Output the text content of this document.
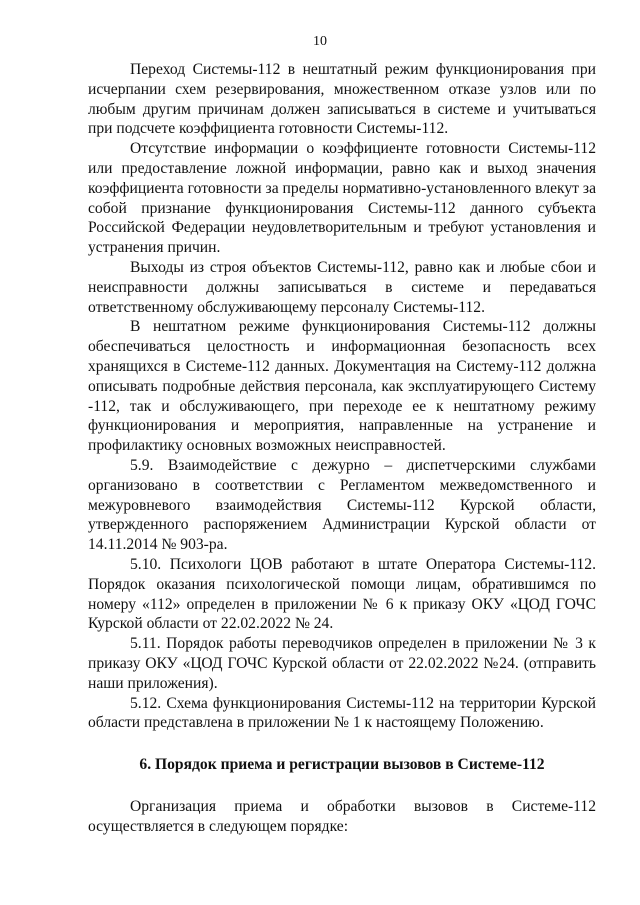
10

Переход Системы-112 в нештатный режим функционирования при исчерпании схем резервирования, множественном отказе узлов или по любым другим причинам должен записываться в системе и учитываться при подсчете коэффициента готовности Системы-112.

Отсутствие информации о коэффициенте готовности Системы-112 или предоставление ложной информации, равно как и выход значения коэффициента готовности за пределы нормативно-установленного влекут за собой признание функционирования Системы-112 данного субъекта Российской Федерации неудовлетворительным и требуют установления и устранения причин.

Выходы из строя объектов Системы-112, равно как и любые сбои и неисправности должны записываться в системе и передаваться ответственному обслуживающему персоналу Системы-112.

В нештатном режиме функционирования Системы-112 должны обеспечиваться целостность и информационная безопасность всех хранящихся в Системе-112 данных. Документация на Систему-112 должна описывать подробные действия персонала, как эксплуатирующего Систему -112, так и обслуживающего, при переходе ее к нештатному режиму функционирования и мероприятия, направленные на устранение и профилактику основных возможных неисправностей.

5.9. Взаимодействие с дежурно – диспетчерскими службами организовано в соответствии с Регламентом межведомственного и межуровневого взаимодействия Системы-112 Курской области, утвержденного распоряжением Администрации Курской области от 14.11.2014 № 903-ра.

5.10. Психологи ЦОВ работают в штате Оператора Системы-112. Порядок оказания психологической помощи лицам, обратившимся по номеру «112» определен в приложении № 6 к приказу ОКУ «ЦОД ГОЧС Курской области от 22.02.2022 № 24.

5.11. Порядок работы переводчиков определен в приложении № 3 к приказу ОКУ «ЦОД ГОЧС Курской области от 22.02.2022 №24. (отправить наши приложения).

5.12. Схема функционирования Системы-112 на территории Курской области представлена в приложении № 1 к настоящему Положению.

6. Порядок приема и регистрации вызовов в Системе-112

Организация приема и обработки вызовов в Системе-112 осуществляется в следующем порядке:
